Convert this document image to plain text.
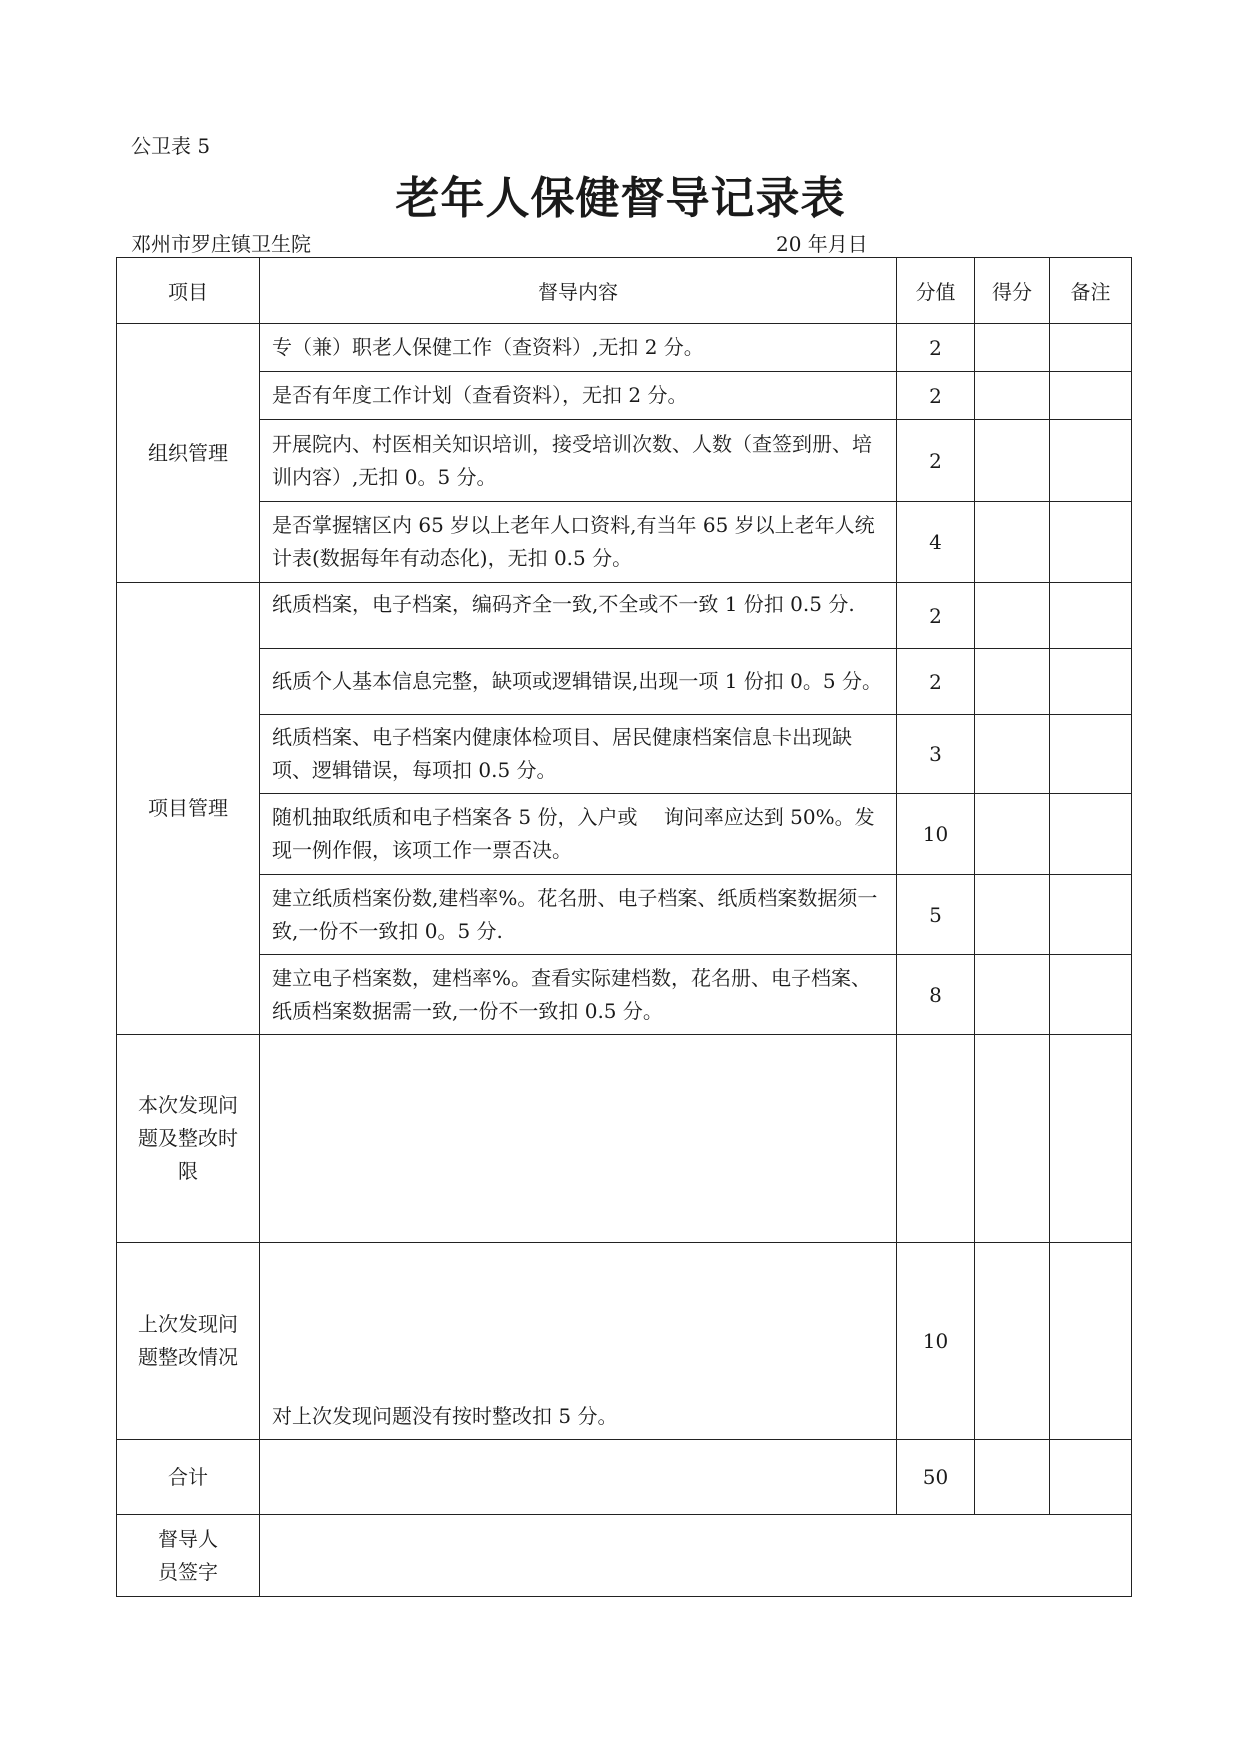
公卫表 5
老年人保健督导记录表
邓州市罗庄镇卫生院	20 年月日
项目	督导内容	分值	得分	备注
组织管理	专（兼）职老人保健工作（查资料）,无扣 2 分。	2		
	是否有年度工作计划（查看资料），无扣 2 分。	2		
	开展院内、村医相关知识培训，接受培训次数、人数（查签到册、培训内容）,无扣 0。5 分。	2		
	是否掌握辖区内 65 岁以上老年人口资料,有当年 65 岁以上老年人统计表(数据每年有动态化)，无扣 0.5 分。	4		
项目管理	纸质档案，电子档案，编码齐全一致,不全或不一致 1 份扣 0.5 分.	2		
	纸质个人基本信息完整，缺项或逻辑错误,出现一项 1 份扣 0。5 分。	2		
	纸质档案、电子档案内健康体检项目、居民健康档案信息卡出现缺项、逻辑错误，每项扣 0.5 分。	3		
	随机抽取纸质和电子档案各 5 份，入户或　 询问率应达到 50%。发现一例作假，该项工作一票否决。	10		
	建立纸质档案份数,建档率%。花名册、电子档案、纸质档案数据须一致,一份不一致扣 0。5 分.	5		
	建立电子档案数，建档率%。查看实际建档数，花名册、电子档案、纸质档案数据需一致,一份不一致扣 0.5 分。	8		
本次发现问题及整改时限				
上次发现问题整改情况	对上次发现问题没有按时整改扣 5 分。	10		
合计		50		
督导人员签字				
